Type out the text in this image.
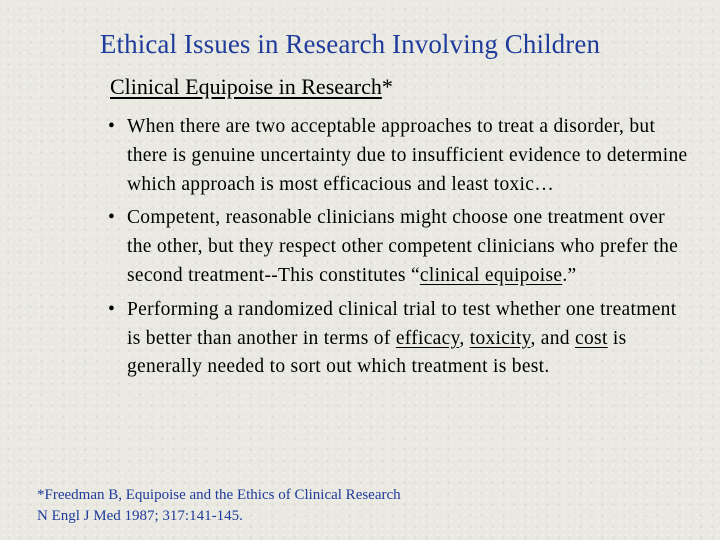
Ethical Issues in Research Involving Children
Clinical Equipoise in Research*
• When there are two acceptable approaches to treat a disorder, but there is genuine uncertainty due to insufficient evidence to determine which approach is most efficacious and least toxic…
• Competent, reasonable clinicians might choose one treatment over the other, but they respect other competent clinicians who prefer the second treatment--This constitutes “clinical equipoise.”
• Performing a randomized clinical trial to test whether one treatment is better than another in terms of efficacy, toxicity, and cost is generally needed to sort out which treatment is best.
*Freedman B, Equipoise and the Ethics of Clinical Research
N Engl J Med 1987; 317:141-145.
